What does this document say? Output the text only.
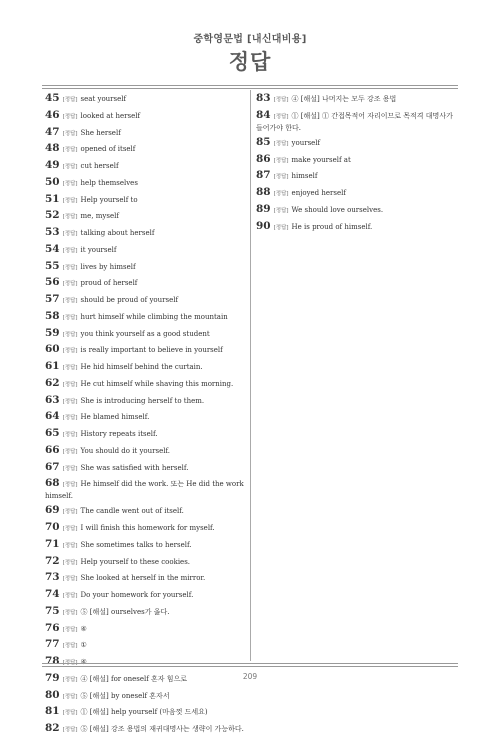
중학영문법 [내신대비용]
정답
45 [정답] seat yourself
46 [정답] looked at herself
47 [정답] She herself
48 [정답] opened of itself
49 [정답] cut herself
50 [정답] help themselves
51 [정답] Help yourself to
52 [정답] me, myself
53 [정답] talking about herself
54 [정답] it yourself
55 [정답] lives by himself
56 [정답] proud of herself
57 [정답] should be proud of yourself
58 [정답] hurt himself while climbing the mountain
59 [정답] you think yourself as a good student
60 [정답] is really important to believe in yourself
61 [정답] He hid himself behind the curtain.
62 [정답] He cut himself while shaving this morning.
63 [정답] She is introducing herself to them.
64 [정답] He blamed himself.
65 [정답] History repeats itself.
66 [정답] You should do it yourself.
67 [정답] She was satisfied with herself.
68 [정답] He himself did the work. 또는 He did the work himself.
69 [정답] The candle went out of itself.
70 [정답] I will finish this homework for myself.
71 [정답] She sometimes talks to herself.
72 [정답] Help yourself to these cookies.
73 [정답] She looked at herself in the mirror.
74 [정답] Do your homework for yourself.
75 [정답] ⑤ [해설] ourselves가 옳다.
76 [정답] ④
77 [정답] ①
78 [정답] ④
79 [정답] ④ [해설] for oneself 혼자 힘으로
80 [정답] ⑤ [해설] by oneself 혼자서
81 [정답] ① [해설] help yourself (마음껏 드세요)
82 [정답] ⑤ [해설] 강조 용법의 재귀대명사는 생략이 가능하다.
83 [정답] ④ [해설] 나머지는 모두 강조 용법
84 [정답] ① [해설] ① 간접목적어 자리이므로 목적격 대명사가 들어가야 한다.
85 [정답] yourself
86 [정답] make yourself at
87 [정답] himself
88 [정답] enjoyed herself
89 [정답] We should love ourselves.
90 [정답] He is proud of himself.
209
